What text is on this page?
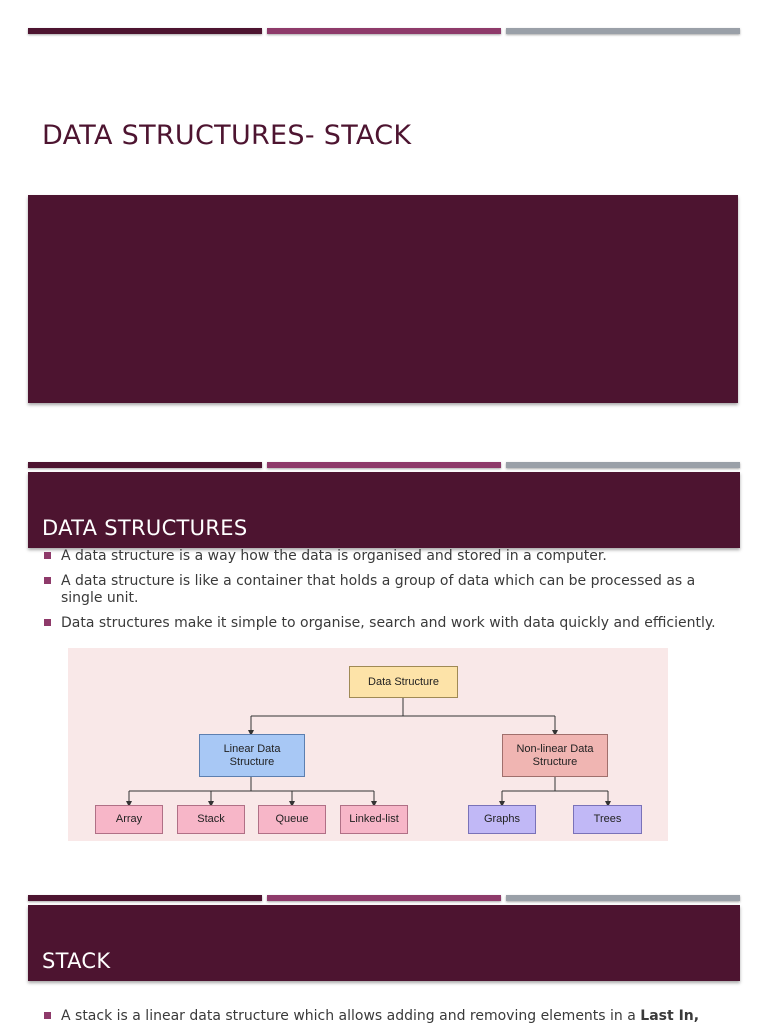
DATA STRUCTURES- STACK
DATA STRUCTURES
A data structure is a way how the data is organised and stored in a computer.
A data structure is like a container that holds a group of data which can be processed as a single unit.
Data structures make it simple to organise, search and work with data quickly and efficiently.
Data Structure
Linear Data Structure
Non-linear Data Structure
Array	Stack	Queue	Linked-list	Graphs	Trees
STACK
A stack is a linear data structure which allows adding and removing elements in a Last In,
